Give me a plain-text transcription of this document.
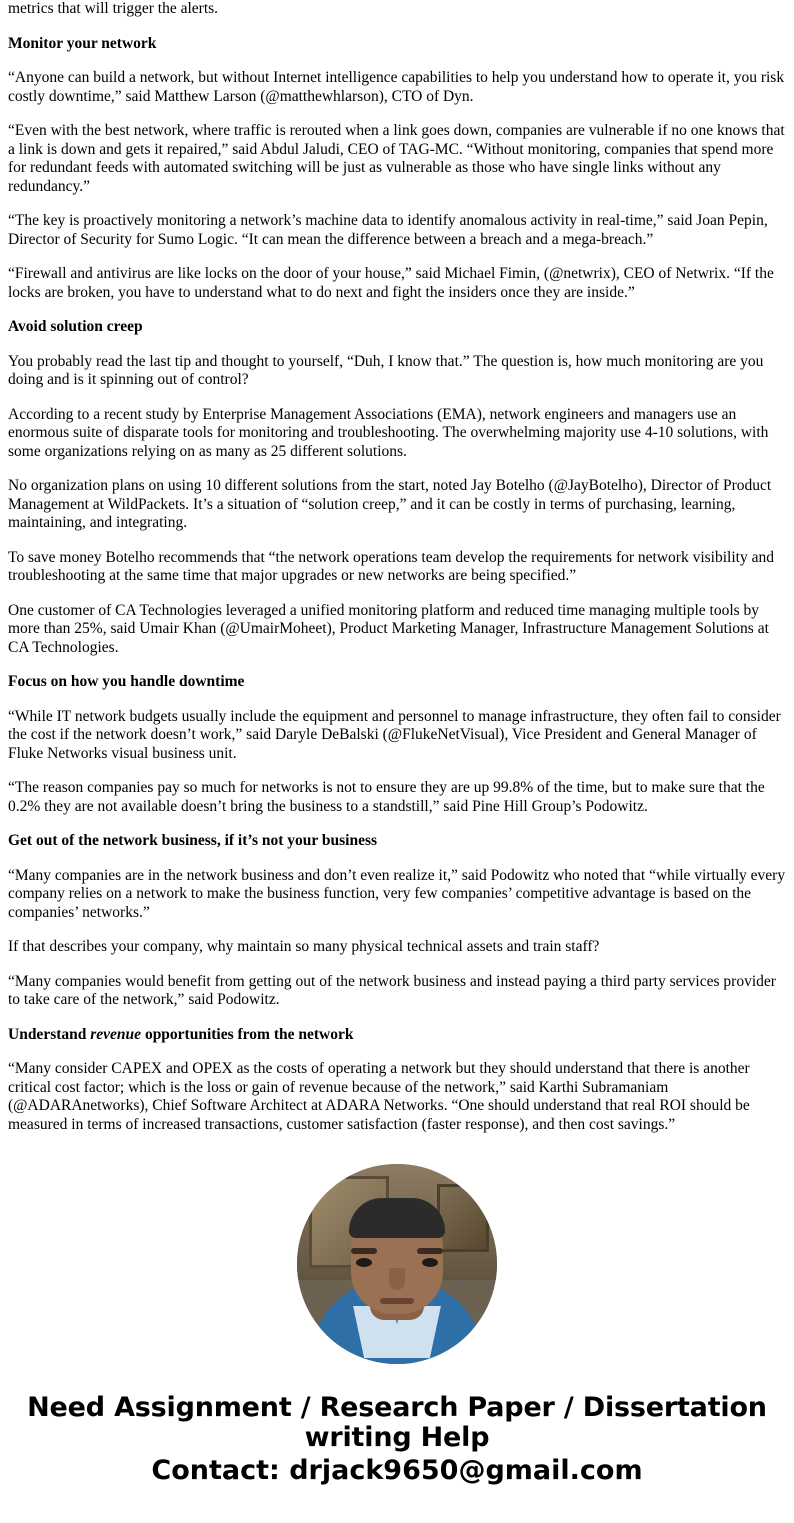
metrics that will trigger the alerts.

Monitor your network

“Anyone can build a network, but without Internet intelligence capabilities to help you understand how to operate it, you risk costly downtime,” said Matthew Larson (@matthewhlarson), CTO of Dyn.

“Even with the best network, where traffic is rerouted when a link goes down, companies are vulnerable if no one knows that a link is down and gets it repaired,” said Abdul Jaludi, CEO of TAG-MC. “Without monitoring, companies that spend more for redundant feeds with automated switching will be just as vulnerable as those who have single links without any redundancy.”

“The key is proactively monitoring a network’s machine data to identify anomalous activity in real-time,” said Joan Pepin, Director of Security for Sumo Logic. “It can mean the difference between a breach and a mega-breach.”

“Firewall and antivirus are like locks on the door of your house,” said Michael Fimin, (@netwrix), CEO of Netwrix. “If the locks are broken, you have to understand what to do next and fight the insiders once they are inside.”

Avoid solution creep

You probably read the last tip and thought to yourself, “Duh, I know that.” The question is, how much monitoring are you doing and is it spinning out of control?

According to a recent study by Enterprise Management Associations (EMA), network engineers and managers use an enormous suite of disparate tools for monitoring and troubleshooting. The overwhelming majority use 4-10 solutions, with some organizations relying on as many as 25 different solutions.

No organization plans on using 10 different solutions from the start, noted Jay Botelho (@JayBotelho), Director of Product Management at WildPackets. It’s a situation of “solution creep,” and it can be costly in terms of purchasing, learning, maintaining, and integrating.

To save money Botelho recommends that “the network operations team develop the requirements for network visibility and troubleshooting at the same time that major upgrades or new networks are being specified.”

One customer of CA Technologies leveraged a unified monitoring platform and reduced time managing multiple tools by more than 25%, said Umair Khan (@UmairMoheet), Product Marketing Manager, Infrastructure Management Solutions at CA Technologies.

Focus on how you handle downtime

“While IT network budgets usually include the equipment and personnel to manage infrastructure, they often fail to consider the cost if the network doesn’t work,” said Daryle DeBalski (@FlukeNetVisual), Vice President and General Manager of Fluke Networks visual business unit.

“The reason companies pay so much for networks is not to ensure they are up 99.8% of the time, but to make sure that the 0.2% they are not available doesn’t bring the business to a standstill,” said Pine Hill Group’s Podowitz.

Get out of the network business, if it’s not your business

“Many companies are in the network business and don’t even realize it,” said Podowitz who noted that “while virtually every company relies on a network to make the business function, very few companies’ competitive advantage is based on the companies’ networks.”

If that describes your company, why maintain so many physical technical assets and train staff?

“Many companies would benefit from getting out of the network business and instead paying a third party services provider to take care of the network,” said Podowitz.

Understand revenue opportunities from the network

“Many consider CAPEX and OPEX as the costs of operating a network but they should understand that there is another critical cost factor; which is the loss or gain of revenue because of the network,” said Karthi Subramaniam (@ADARAnetworks), Chief Software Architect at ADARA Networks. “One should understand that real ROI should be measured in terms of increased transactions, customer satisfaction (faster response), and then cost savings.”

Need Assignment / Research Paper / Dissertation writing Help
Contact: drjack9650@gmail.com
